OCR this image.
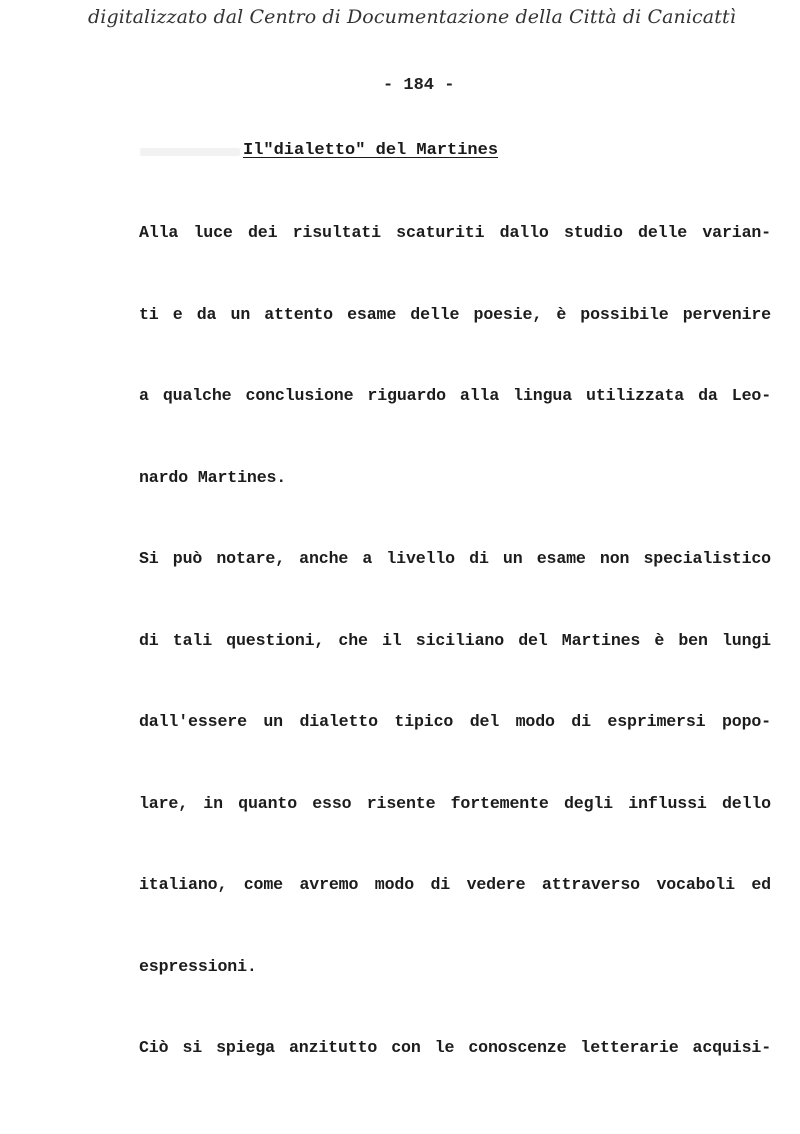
digitalizzato dal Centro di Documentazione della Città di Canicattì
- 184 -
Il"dialetto" del Martines
Alla luce dei risultati scaturiti dallo studio delle varian-
ti e da un attento esame delle poesie, è possibile pervenire
a qualche conclusione riguardo alla lingua utilizzata da Leo-
nardo Martines.
Si può notare, anche a livello di un esame non specialistico
di tali questioni, che il siciliano del Martines è ben lungi
dall'essere un dialetto tipico del modo di esprimersi popo-
lare, in quanto esso risente fortemente degli influssi dello
italiano, come avremo modo di vedere attraverso vocaboli ed
espressioni.
Ciò si spiega anzitutto con le conoscenze letterarie acquisi-
